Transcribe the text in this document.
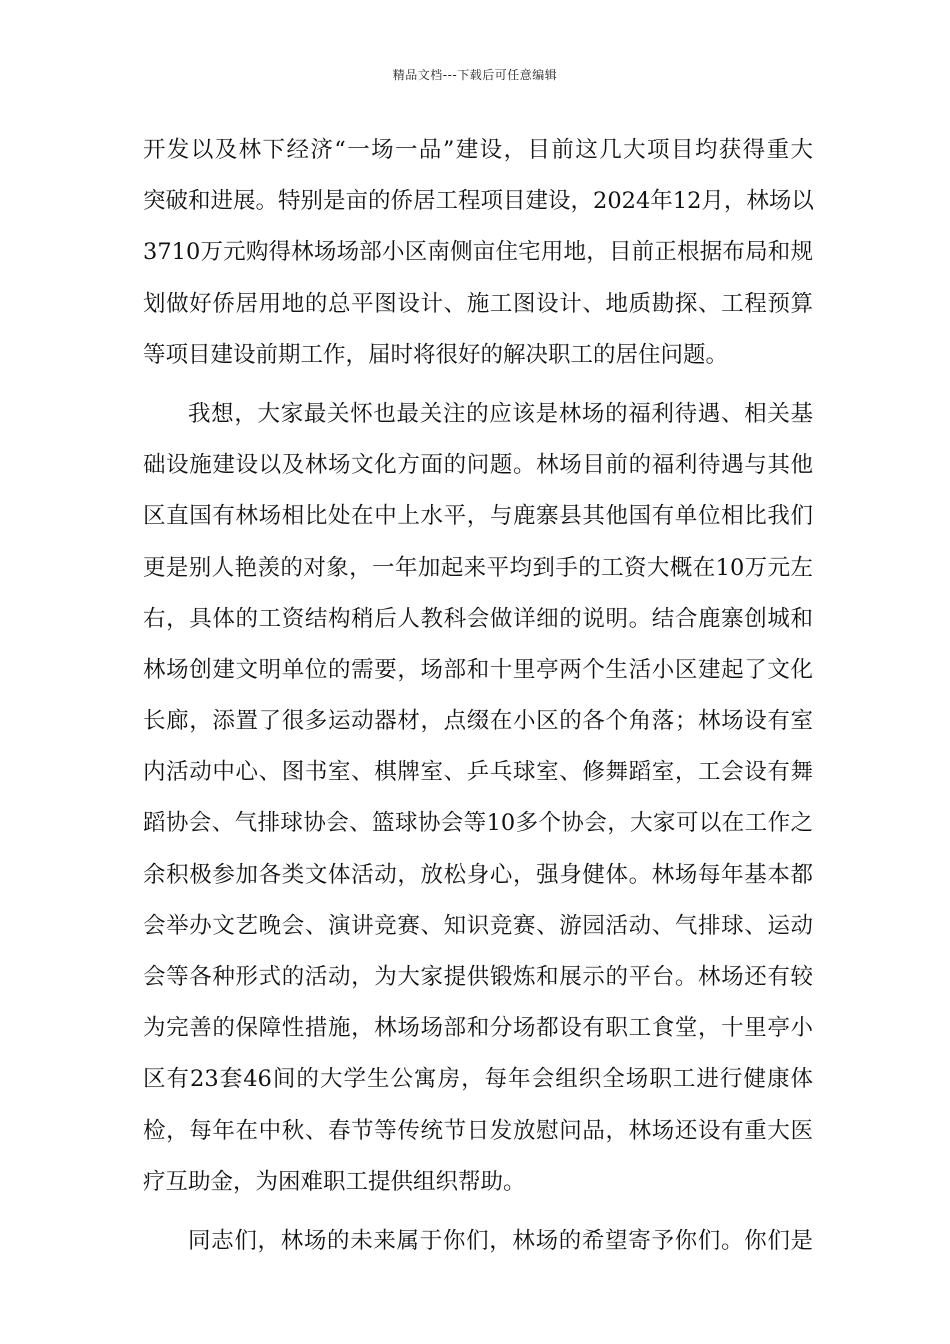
精品文档---下载后可任意编辑
开发以及林下经济“一场一品”建设，目前这几大项目均获得重大
突破和进展。特别是亩的侨居工程项目建设，2024年12月，林场以
3710万元购得林场场部小区南侧亩住宅用地，目前正根据布局和规
划做好侨居用地的总平图设计、施工图设计、地质勘探、工程预算
等项目建设前期工作，届时将很好的解决职工的居住问题。
我想，大家最关怀也最关注的应该是林场的福利待遇、相关基
础设施建设以及林场文化方面的问题。林场目前的福利待遇与其他
区直国有林场相比处在中上水平，与鹿寨县其他国有单位相比我们
更是别人艳羡的对象，一年加起来平均到手的工资大概在10万元左
右，具体的工资结构稍后人教科会做详细的说明。结合鹿寨创城和
林场创建文明单位的需要，场部和十里亭两个生活小区建起了文化
长廊，添置了很多运动器材，点缀在小区的各个角落；林场设有室
内活动中心、图书室、棋牌室、乒乓球室、修舞蹈室，工会设有舞
蹈协会、气排球协会、篮球协会等10多个协会，大家可以在工作之
余积极参加各类文体活动，放松身心，强身健体。林场每年基本都
会举办文艺晚会、演讲竞赛、知识竞赛、游园活动、气排球、运动
会等各种形式的活动，为大家提供锻炼和展示的平台。林场还有较
为完善的保障性措施，林场场部和分场都设有职工食堂，十里亭小
区有23套46间的大学生公寓房，每年会组织全场职工进行健康体
检，每年在中秋、春节等传统节日发放慰问品，林场还设有重大医
疗互助金，为困难职工提供组织帮助。
同志们，林场的未来属于你们，林场的希望寄予你们。你们是
